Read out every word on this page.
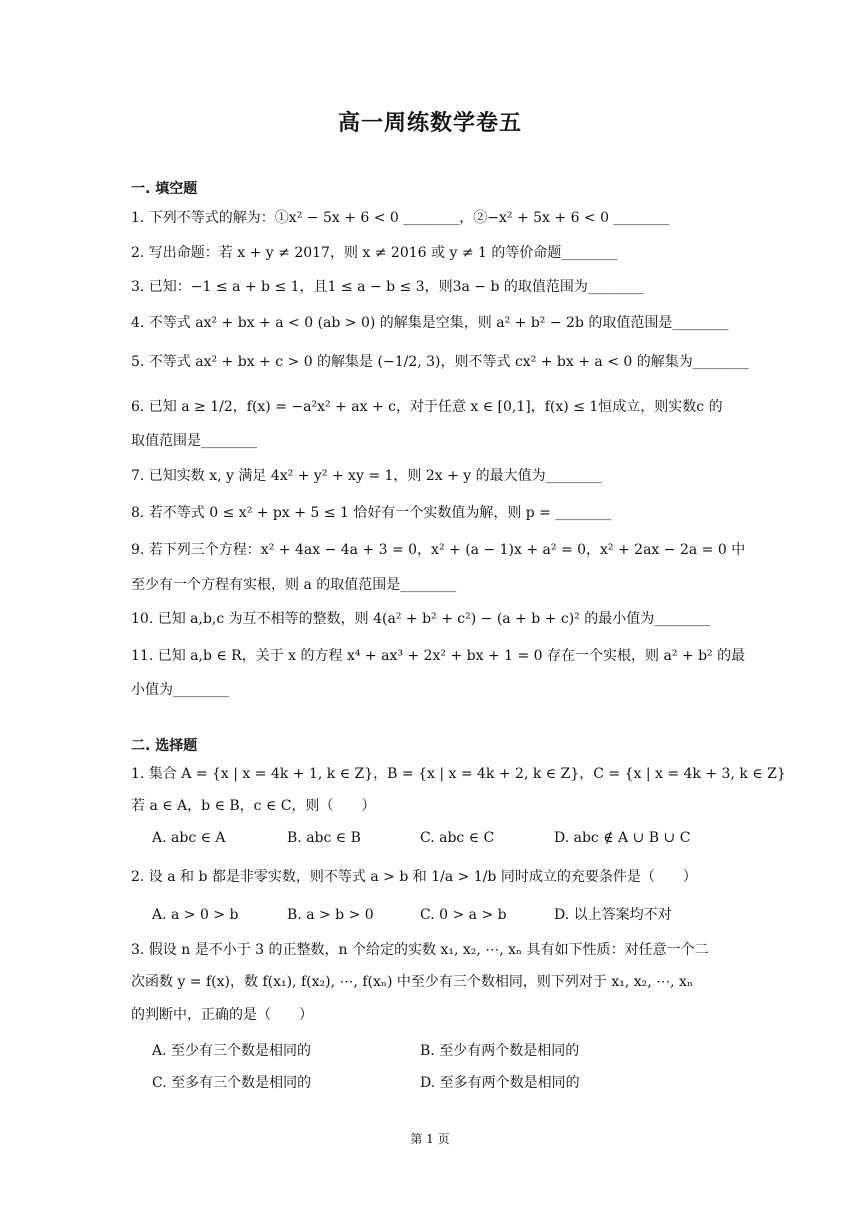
高一周练数学卷五
一. 填空题
1. 下列不等式的解为：①x² − 5x + 6 < 0 ________，②−x² + 5x + 6 < 0 ________
2. 写出命题：若 x + y ≠ 2017，则 x ≠ 2016 或 y ≠ 1 的等价命题________
3. 已知：−1 ≤ a + b ≤ 1，且1 ≤ a − b ≤ 3，则3a − b 的取值范围为________
4. 不等式 ax² + bx + a < 0 (ab > 0) 的解集是空集，则 a² + b² − 2b 的取值范围是________
5. 不等式 ax² + bx + c > 0 的解集是 (−1/2, 3)，则不等式 cx² + bx + a < 0 的解集为________
6. 已知 a ≥ 1/2，f(x) = −a²x² + ax + c，对于任意 x ∈ [0,1]，f(x) ≤ 1恒成立，则实数c 的
取值范围是________
7. 已知实数 x, y 满足 4x² + y² + xy = 1，则 2x + y 的最大值为________
8. 若不等式 0 ≤ x² + px + 5 ≤ 1 恰好有一个实数值为解，则 p = ________
9. 若下列三个方程：x² + 4ax − 4a + 3 = 0，x² + (a − 1)x + a² = 0，x² + 2ax − 2a = 0 中
至少有一个方程有实根，则 a 的取值范围是________
10. 已知 a,b,c 为互不相等的整数，则 4(a² + b² + c²) − (a + b + c)² 的最小值为________
11. 已知 a,b ∈ R，关于 x 的方程 x⁴ + ax³ + 2x² + bx + 1 = 0 存在一个实根，则 a² + b² 的最
小值为________
二. 选择题
1. 集合 A = {x | x = 4k + 1, k ∈ Z}，B = {x | x = 4k + 2, k ∈ Z}，C = {x | x = 4k + 3, k ∈ Z}
若 a ∈ A，b ∈ B，c ∈ C，则（　　）
A. abc ∈ A	B. abc ∈ B	C. abc ∈ C	D. abc ∉ A ∪ B ∪ C
2. 设 a 和 b 都是非零实数，则不等式 a > b 和 1/a > 1/b 同时成立的充要条件是（　　）
A. a > 0 > b	B. a > b > 0	C. 0 > a > b	D. 以上答案均不对
3. 假设 n 是不小于 3 的正整数，n 个给定的实数 x₁, x₂, ⋯, xₙ 具有如下性质：对任意一个二
次函数 y = f(x)，数 f(x₁), f(x₂), ⋯, f(xₙ) 中至少有三个数相同，则下列对于 x₁, x₂, ⋯, xₙ
的判断中，正确的是（　　）
A. 至少有三个数是相同的	B. 至少有两个数是相同的
C. 至多有三个数是相同的	D. 至多有两个数是相同的
第 1 页
